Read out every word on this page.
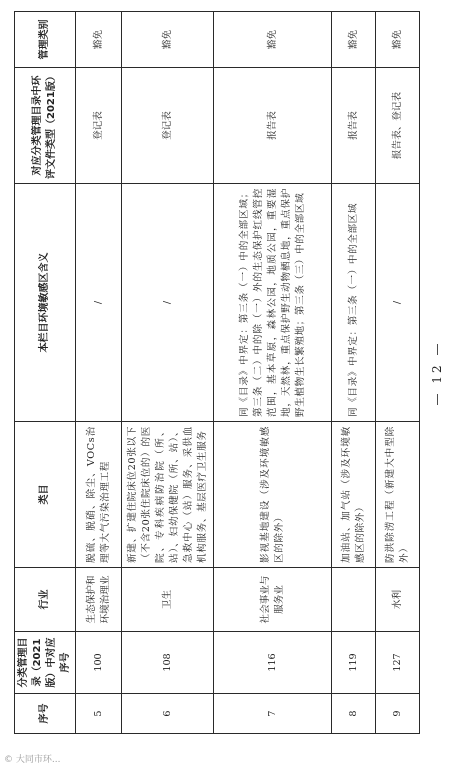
序号	分类管理目录（2021版）中对应序号	行业	类目	本栏目环境敏感区含义	对应分类管理目录中环评文件类型（2021版）	管理类别
5	100	生态保护和环境治理业	脱硫、脱硝、除尘、VOCs治理等大气污染治理工程	/	登记表	豁免
6	108	卫生	新建、扩建住院床位20张以下（不含20张住院床位的）的医院、专科疾病防治院（所、站）、妇幼保健院（所、站）、急救中心（站）服务、采供血机构服务、基层医疗卫生服务	/	登记表	豁免
7	116	社会事业与服务业	影视基地建设（涉及环境敏感区的除外）	同《目录》中界定：第三条（一）中的全部区域；第三条（二）中的除（一）外的生态保护红线管控范围，基本草原，森林公园，地质公园，重要湿地，天然林，重点保护野生动物栖息地，重点保护野生植物生长繁殖地；第三条（三）中的全部区域	报告表	豁免
8	119		加油站、加气站（涉及环境敏感区的除外）	同《目录》中界定：第三条（一）中的全部区域	报告表	豁免
9	127	水利	防洪除涝工程（新建大中型除外）	/	报告表、登记表	豁免
— 12 —
© 大同市环...
